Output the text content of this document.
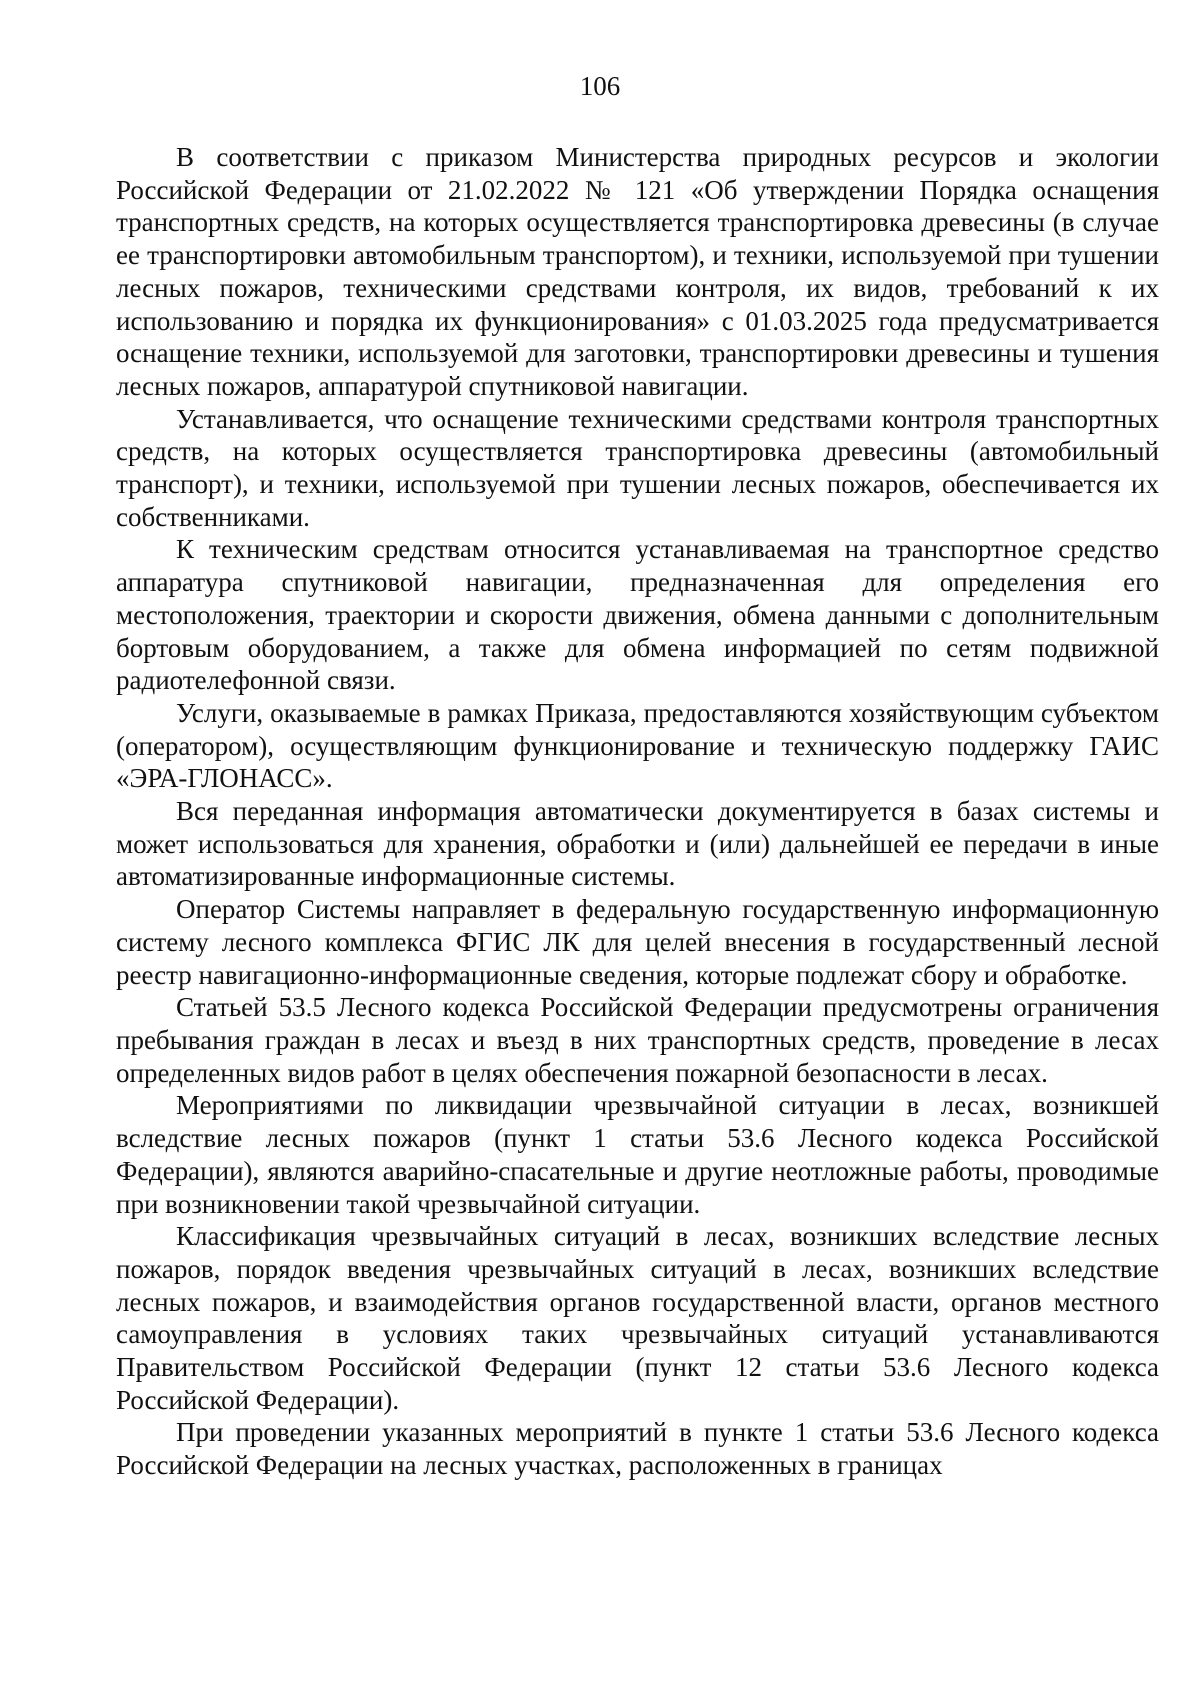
106

В соответствии с приказом Министерства природных ресурсов и экологии Российской Федерации от 21.02.2022 № 121 «Об утверждении Порядка оснащения транспортных средств, на которых осуществляется транспортировка древесины (в случае ее транспортировки автомобильным транспортом), и техники, используемой при тушении лесных пожаров, техническими средствами контроля, их видов, требований к их использованию и порядка их функционирования» с 01.03.2025 года предусматривается оснащение техники, используемой для заготовки, транспортировки древесины и тушения лесных пожаров, аппаратурой спутниковой навигации.

Устанавливается, что оснащение техническими средствами контроля транспортных средств, на которых осуществляется транспортировка древесины (автомобильный транспорт), и техники, используемой при тушении лесных пожаров, обеспечивается их собственниками.

К техническим средствам относится устанавливаемая на транспортное средство аппаратура спутниковой навигации, предназначенная для определения его местоположения, траектории и скорости движения, обмена данными с дополнительным бортовым оборудованием, а также для обмена информацией по сетям подвижной радиотелефонной связи.

Услуги, оказываемые в рамках Приказа, предоставляются хозяйствующим субъектом (оператором), осуществляющим функционирование и техническую поддержку ГАИС «ЭРА-ГЛОНАСС».

Вся переданная информация автоматически документируется в базах системы и может использоваться для хранения, обработки и (или) дальнейшей ее передачи в иные автоматизированные информационные системы.

Оператор Системы направляет в федеральную государственную информационную систему лесного комплекса ФГИС ЛК для целей внесения в государственный лесной реестр навигационно-информационные сведения, которые подлежат сбору и обработке.

Статьей 53.5 Лесного кодекса Российской Федерации предусмотрены ограничения пребывания граждан в лесах и въезд в них транспортных средств, проведение в лесах определенных видов работ в целях обеспечения пожарной безопасности в лесах.

Мероприятиями по ликвидации чрезвычайной ситуации в лесах, возникшей вследствие лесных пожаров (пункт 1 статьи 53.6 Лесного кодекса Российской Федерации), являются аварийно-спасательные и другие неотложные работы, проводимые при возникновении такой чрезвычайной ситуации.

Классификация чрезвычайных ситуаций в лесах, возникших вследствие лесных пожаров, порядок введения чрезвычайных ситуаций в лесах, возникших вследствие лесных пожаров, и взаимодействия органов государственной власти, органов местного самоуправления в условиях таких чрезвычайных ситуаций устанавливаются Правительством Российской Федерации (пункт 12 статьи 53.6 Лесного кодекса Российской Федерации).

При проведении указанных мероприятий в пункте 1 статьи 53.6 Лесного кодекса Российской Федерации на лесных участках, расположенных в границах
